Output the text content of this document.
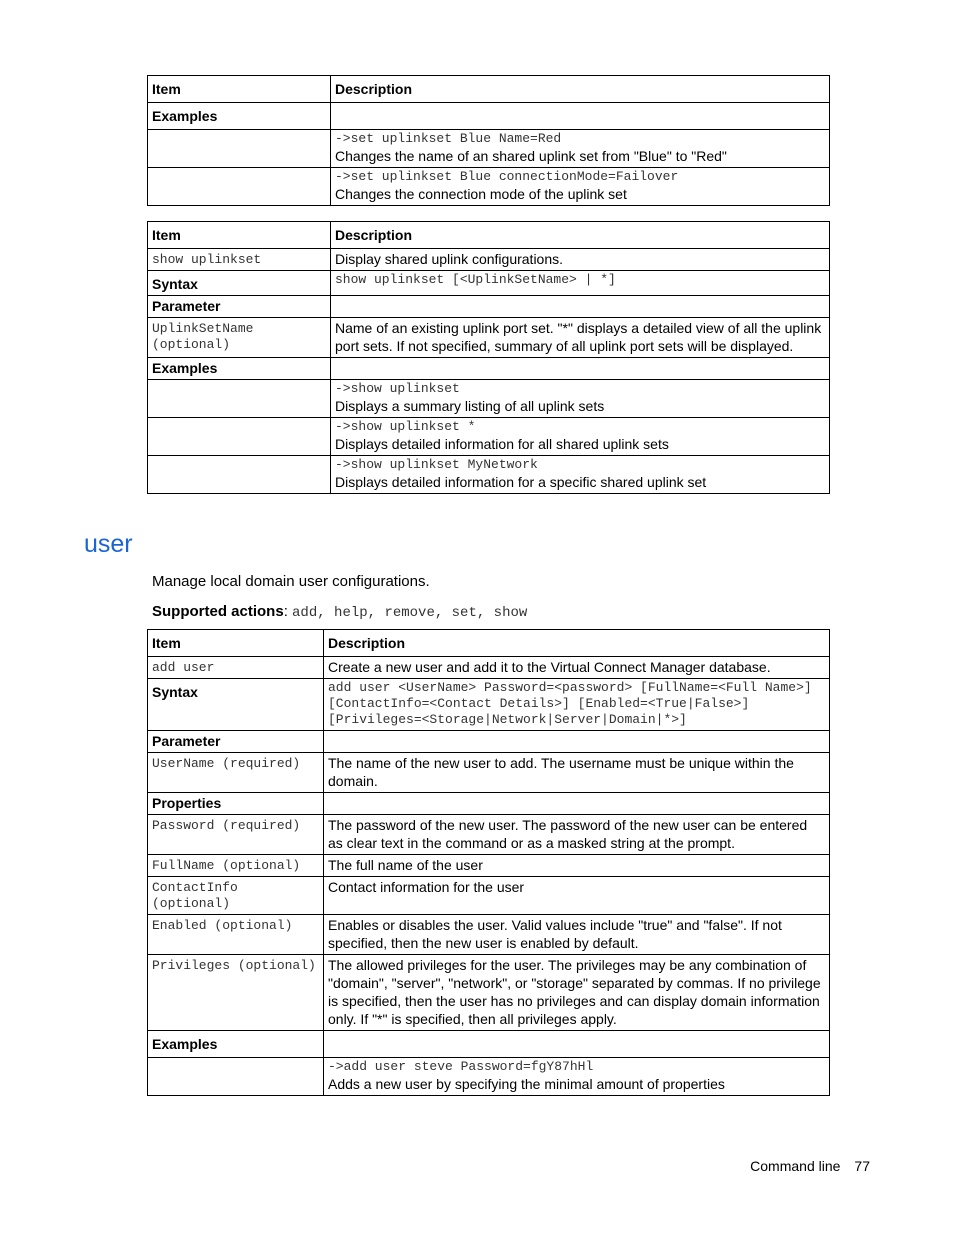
Item	Description
Examples	

	->set uplinkset Blue Name=Red
Changes the name of an shared uplink set from "Blue" to "Red"

	->set uplinkset Blue connectionMode=Failover
Changes the connection mode of the uplink set
Item	Description
show uplinkset	Display shared uplink configurations.
Syntax	show uplinkset [<UplinkSetName> | *]
Parameter	
UplinkSetName (optional)	Name of an existing uplink port set. "*" displays a detailed view of all the uplink port sets. If not specified, summary of all uplink port sets will be displayed.
Examples	

	->show uplinkset
Displays a summary listing of all uplink sets

	->show uplinkset *
Displays detailed information for all shared uplink sets

	->show uplinkset MyNetwork
Displays detailed information for a specific shared uplink set
user

Manage local domain user configurations.

Supported actions: add, help, remove, set, show

Item	Description
add user	Create a new user and add it to the Virtual Connect Manager database.
Syntax	add user <UserName> Password=<password> [FullName=<Full Name>] [ContactInfo=<Contact Details>] [Enabled=<True|False>] [Privileges=<Storage|Network|Server|Domain|*>]
Parameter	
UserName (required)	The name of the new user to add. The username must be unique within the domain.
Properties	
Password (required)	The password of the new user. The password of the new user can be entered as clear text in the command or as a masked string at the prompt.
FullName (optional)	The full name of the user
ContactInfo (optional)	Contact information for the user
Enabled (optional)	Enables or disables the user. Valid values include "true" and "false". If not specified, then the new user is enabled by default.
Privileges (optional)	The allowed privileges for the user. The privileges may be any combination of "domain", "server", "network", or "storage" separated by commas. If no privilege is specified, then the user has no privileges and can display domain information only. If "*" is specified, then all privileges apply.
Examples	

	->add user steve Password=fgY87hHl
Adds a new user by specifying the minimal amount of properties
Command line 77
